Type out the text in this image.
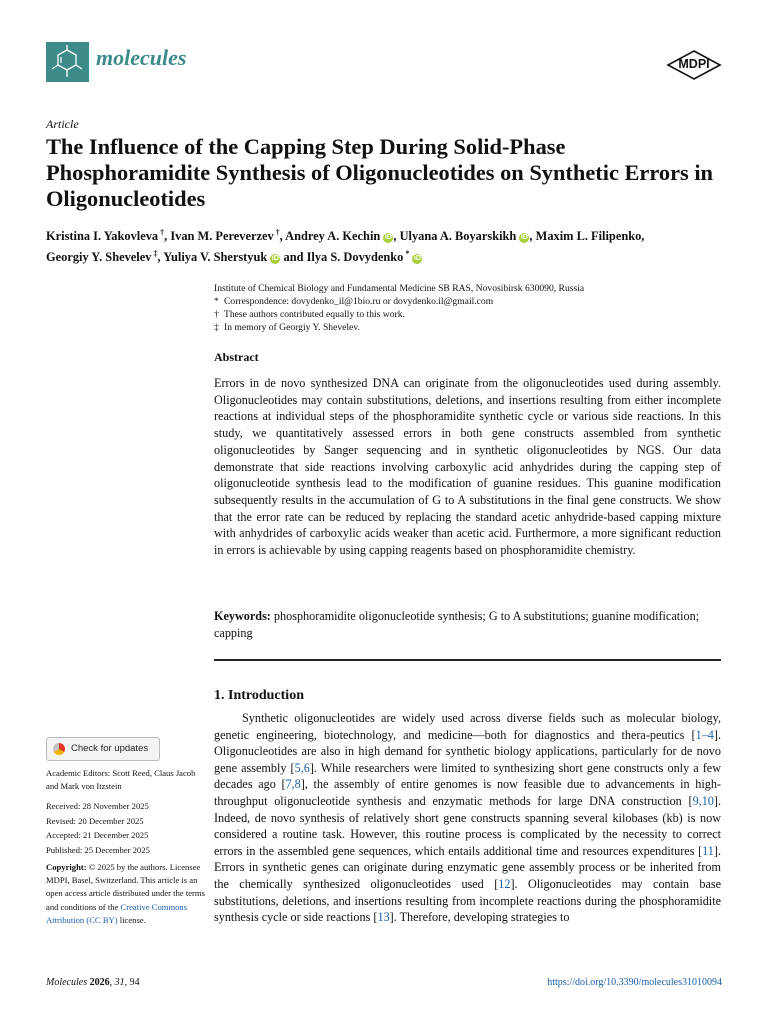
molecules	MDPI
Article
The Influence of the Capping Step During Solid-Phase Phosphoramidite Synthesis of Oligonucleotides on Synthetic Errors in Oligonucleotides
Kristina I. Yakovleva †, Ivan M. Pereverzev †, Andrey A. Kechin iD , Ulyana A. Boyarskikh iD , Maxim L. Filipenko,
Georgiy Y. Shevelev ‡, Yuliya V. Sherstyuk iD and Ilya S. Dovydenko * iD
Institute of Chemical Biology and Fundamental Medicine SB RAS, Novosibirsk 630090, Russia
* Correspondence: dovydenko_il@1bio.ru or dovydenko.il@gmail.com
† These authors contributed equally to this work.
‡ In memory of Georgiy Y. Shevelev.
Abstract
Errors in de novo synthesized DNA can originate from the oligonucleotides used during assembly. Oligonucleotides may contain substitutions, deletions, and insertions resulting from either incomplete reactions at individual steps of the phosphoramidite synthetic cycle or various side reactions. In this study, we quantitatively assessed errors in both gene constructs assembled from synthetic oligonucleotides by Sanger sequencing and in synthetic oligonucleotides by NGS. Our data demonstrate that side reactions involving carboxylic acid anhydrides during the capping step of oligonucleotide synthesis lead to the modification of guanine residues. This guanine modification subsequently results in the accumulation of G to A substitutions in the final gene constructs. We show that the error rate can be reduced by replacing the standard acetic anhydride-based capping mixture with anhydrides of carboxylic acids weaker than acetic acid. Furthermore, a more significant reduction in errors is achievable by using capping reagents based on phosphoramidite chemistry.
Keywords: phosphoramidite oligonucleotide synthesis; G to A substitutions; guanine modification; capping
1. Introduction

Synthetic oligonucleotides are widely used across diverse fields such as molecular biology, genetic engineering, biotechnology, and medicine—both for diagnostics and thera-peutics [1–4]. Oligonucleotides are also in high demand for synthetic biology applications, particularly for de novo gene assembly [5,6]. While researchers were limited to synthesizing short gene constructs only a few decades ago [7,8], the assembly of entire genomes is now feasible due to advancements in high-throughput oligonucleotide synthesis and enzymatic methods for large DNA construction [9,10]. Indeed, de novo synthesis of relatively short gene constructs spanning several kilobases (kb) is now considered a routine task. However, this routine process is complicated by the necessity to correct errors in the assembled gene sequences, which entails additional time and resources expenditures [11]. Errors in synthetic genes can originate during enzymatic gene assembly process or be inherited from the chemically synthesized oligonucleotides used [12]. Oligonucleotides may contain base substitutions, deletions, and insertions resulting from incomplete reactions during the phosphoramidite synthesis cycle or side reactions [13]. Therefore, developing strategies to

Check for updates
Academic Editors: Scott Reed, Claus Jacob and Mark von Itzstein
Received: 28 November 2025
Revised: 20 December 2025
Accepted: 21 December 2025
Published: 25 December 2025
Copyright: © 2025 by the authors. Licensee MDPI, Basel, Switzerland. This article is an open access article distributed under the terms and conditions of the Creative Commons Attribution (CC BY) license.
Molecules 2026, 31, 94	https://doi.org/10.3390/molecules31010094
